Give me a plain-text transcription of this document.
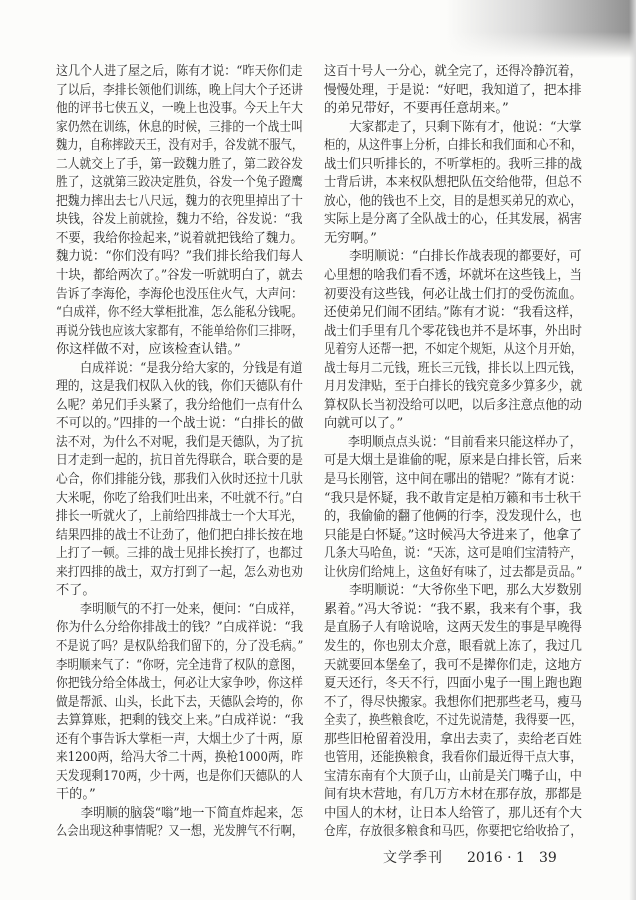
这几个人进了屋之后，陈有才说：“昨天你们走
了以后，李排长领他们训练，晚上闫大个子还讲
他的评书七侠五义，一晚上也没事。今天上午大
家仍然在训练，休息的时候，三排的一个战士叫
魏力，自称摔跤天王，没有对手，谷发就不服气，
二人就交上了手，第一跤魏力胜了，第二跤谷发
胜了，这就第三跤决定胜负，谷发一个兔子蹬鹰
把魏力摔出去七八尺远，魏力的衣兜里掉出了十
块钱，谷发上前就捡，魏力不给，谷发说：“我
不要，我给你捡起来，”说着就把钱给了魏力。
魏力说：“你们没有吗？”我们排长给我们每人
十块，都给两次了。”谷发一听就明白了，就去
告诉了李海伦，李海伦也没压住火气，大声问：
“白成祥，你不经大掌柜批准，怎么能私分钱呢。
再说分钱也应该大家都有，不能单给你们三排呀，
你这样做不对，应该检查认错。”
白成祥说：“是我分给大家的，分钱是有道
理的，这是我们权队入伙的钱，你们天德队有什
么呢？弟兄们手头紧了，我分给他们一点有什么
不可以的。”四排的一个战士说：“白排长的做
法不对，为什么不对呢，我们是天德队，为了抗
日才走到一起的，抗日首先得联合，联合要的是
心合，你们排能分钱，那我们入伙时还拉十几驮
大米呢，你吃了给我们吐出来，不吐就不行。”白
排长一听就火了，上前给四排战士一个大耳光，
结果四排的战士不让劲了，他们把白排长按在地
上打了一顿。三排的战士见排长挨打了，也都过
来打四排的战士，双方打到了一起，怎么劝也劝
不了。
李明顺气的不打一处来，便问：“白成祥，
你为什么分给你排战士的钱？”白成祥说：“我
不是说了吗？是权队给我们留下的，分了没毛病。”
李明顺来气了：“你呀，完全违背了权队的意图，
你把钱分给全体战士，何必让大家争吵，你这样
做是帮派、山头，长此下去，天德队会垮的，你
去算算账，把剩的钱交上来。”白成祥说：“我
还有个事告诉大掌柜一声，大烟土少了十两，原
来1200两，给冯大爷二十两，换枪1000两，昨
天发现剩170两，少十两，也是你们天德队的人
干的。”
李明顺的脑袋“嗡”地一下简直炸起来，怎
么会出现这种事情呢？又一想，光发脾气不行啊，
这百十号人一分心，就全完了，还得冷静沉着，
慢慢处理，于是说：“好吧，我知道了，把本排
的弟兄带好，不要再任意胡来。”
大家都走了，只剩下陈有才，他说：“大掌
柜的，从这件事上分析，白排长和我们面和心不和，
战士们只听排长的，不听掌柜的。我听三排的战
士背后讲，本来权队想把队伍交给他带，但总不
放心，他的钱也不上交，目的是想买弟兄的欢心，
实际上是分离了全队战士的心，任其发展，祸害
无穷啊。”
李明顺说：“白排长作战表现的都要好，可
心里想的啥我们看不透，坏就坏在这些钱上，当
初要没有这些钱，何必让战士们打的受伤流血。
还使弟兄们闹不团结。”陈有才说：“我看这样，
战士们手里有几个零花钱也并不是坏事，外出时
见着穷人还帮一把，不如定个规矩，从这个月开始，
战士每月二元钱，班长三元钱，排长以上四元钱，
月月发津贴，至于白排长的钱究竟多少算多少，就
算权队长当初没给可以吧，以后多注意点他的动
向就可以了。”
李明顺点点头说：“目前看来只能这样办了，
可是大烟土是谁偷的呢，原来是白排长管，后来
是马长刚管，这中间在哪出的错呢？”陈有才说：
“我只是怀疑，我不敢肯定是柏万籁和韦士秋干
的，我偷偷的翻了他俩的行李，没发现什么，也
只能是白怀疑。”这时候冯大爷进来了，他拿了
几条大马哈鱼，说：“天冻，这可是咱们宝清特产，
让伙房们给炖上，这鱼好有味了，过去都是贡品。”
李明顺说：“大爷你坐下吧，那么大岁数别
累着。”冯大爷说：“我不累，我来有个事，我
是直肠子人有啥说啥，这两天发生的事是早晚得
发生的，你也别太介意，眼看就上冻了，我过几
天就要回本堡垒了，我可不是撵你们走，这地方
夏天还行，冬天不行，四面小鬼子一围上跑也跑
不了，得尽快搬家。我想你们把那些老马，瘦马
全卖了，换些粮食吃，不过先说清楚，我得要一匹，
那些旧枪留着没用，拿出去卖了，卖给老百姓
也管用，还能换粮食，我看你们最近得干点大事，
宝清东南有个大顶子山，山前是关门嘴子山，中
间有块木营地，有几万方木材在那存放，那都是
中国人的木材，让日本人给管了，那儿还有个大
仓库，存放很多粮食和马匹，你要把它给收拾了，
文学季刊 2016 · 1 39
